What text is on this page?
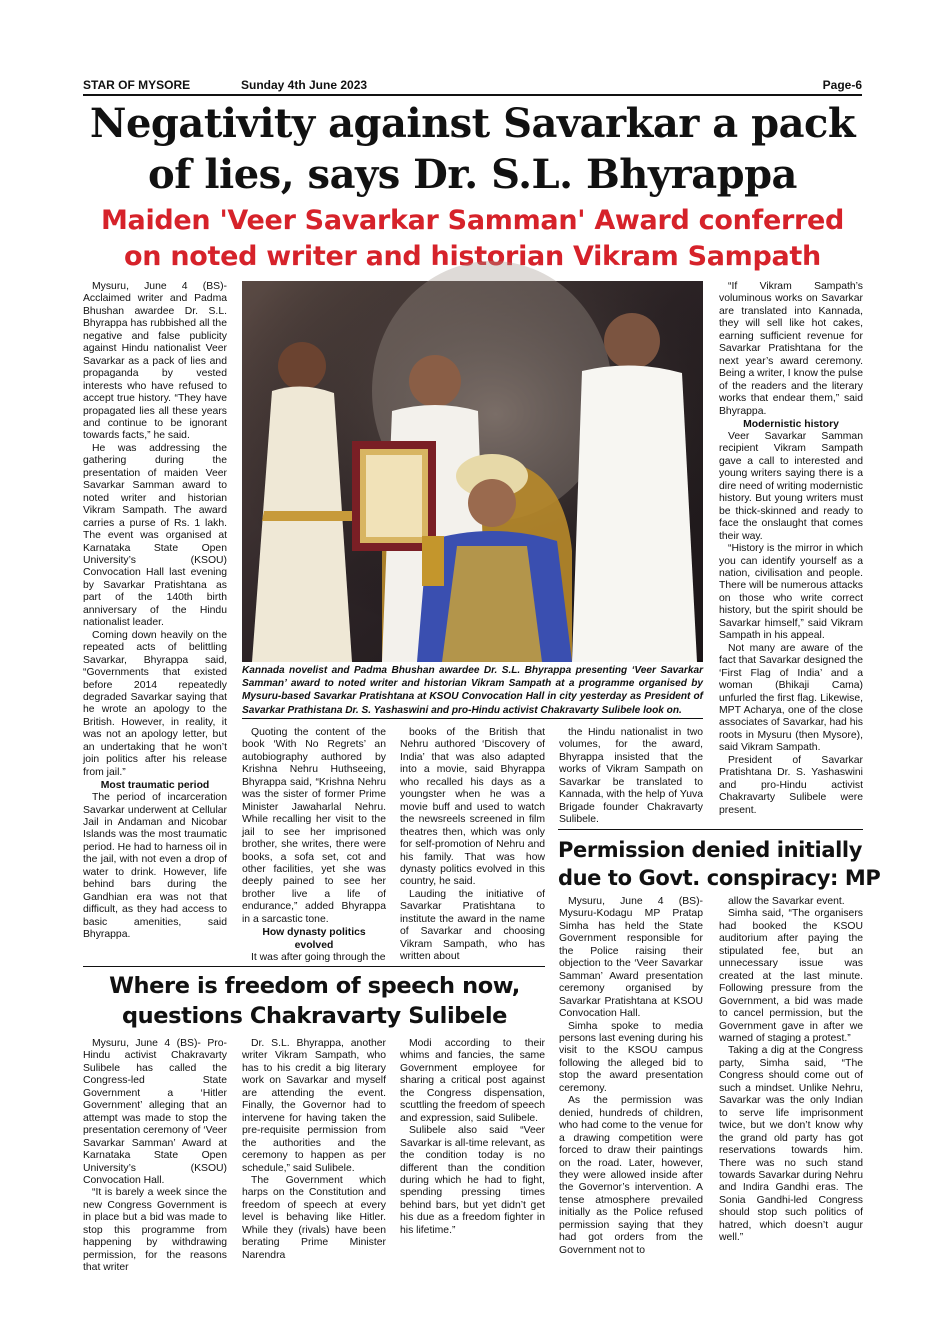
STAR OF MYSORE	Sunday 4th June 2023	Page-6
Negativity against Savarkar a pack
of lies, says Dr. S.L. Bhyrappa
Maiden 'Veer Savarkar Samman' Award conferred
on noted writer and historian Vikram Sampath

Mysuru, June 4 (BS)- Acclaimed writer and Padma Bhushan awardee Dr. S.L. Bhyrappa has rubbished all the negative and false publicity against Hindu nationalist Veer Savarkar as a pack of lies and propaganda by vested interests who have refused to accept true history. “They have propagated lies all these years and continue to be ignorant towards facts,” he said.

He was addressing the gathering during the presentation of maiden Veer Savarkar Samman award to noted writer and historian Vikram Sampath. The award carries a purse of Rs. 1 lakh. The event was organised at Karnataka State Open University’s (KSOU) Convocation Hall last evening by Savarkar Pratishtana as part of the 140th birth anniversary of the Hindu nationalist leader.

Coming down heavily on the repeated acts of belittling Savarkar, Bhyrappa said, “Governments that existed before 2014 repeatedly degraded Savarkar saying that he wrote an apology to the British. However, in reality, it was not an apology letter, but an undertaking that he won’t join politics after his release from jail.”

Most traumatic period

The period of incarceration Savarkar underwent at Cellular Jail in Andaman and Nicobar Islands was the most traumatic period. He had to harness oil in the jail, with not even a drop of water to drink. However, life behind bars during the Gandhian era was not that difficult, as they had access to basic amenities, said Bhyrappa.

Kannada novelist and Padma Bhushan awardee Dr. S.L. Bhyrappa presenting ‘Veer Savarkar Samman’ award to noted writer and historian Vikram Sampath at a programme organised by Mysuru-based Savarkar Pratishtana at KSOU Convocation Hall in city yesterday as President of Savarkar Prathistana Dr. S. Yashaswini and pro-Hindu activist Chakravarty Sulibele look on.

“If Vikram Sampath’s voluminous works on Savarkar are translated into Kannada, they will sell like hot cakes, earning sufficient revenue for Savarkar Pratishtana for the next year’s award ceremony. Being a writer, I know the pulse of the readers and the literary works that endear them,” said Bhyrappa.

Modernistic history

Veer Savarkar Samman recipient Vikram Sampath gave a call to interested and young writers saying there is a dire need of writing modernistic history. But young writers must be thick-skinned and ready to face the onslaught that comes their way.

“History is the mirror in which you can identify yourself as a nation, civilisation and people. There will be numerous attacks on those who write correct history, but the spirit should be Savarkar himself,” said Vikram Sampath in his appeal.

Not many are aware of the fact that Savarkar designed the ‘First Flag of India’ and a woman (Bhikaji Cama) unfurled the first flag. Likewise, MPT Acharya, one of the close associates of Savarkar, had his roots in Mysuru (then Mysore), said Vikram Sampath.

President of Savarkar Pratishtana Dr. S. Yashaswini and pro-Hindu activist Chakravarty Sulibele were present.

Quoting the content of the book ‘With No Regrets’ an autobiography authored by Krishna Nehru Huthseeing, Bhyrappa said, “Krishna Nehru was the sister of former Prime Minister Jawaharlal Nehru. While recalling her visit to the jail to see her imprisoned brother, she writes, there were books, a sofa set, cot and other facilities, yet she was deeply pained to see her brother live a life of endurance,” added Bhyrappa in a sarcastic tone.

How dynasty politics evolved

It was after going through the

books of the British that Nehru authored ‘Discovery of India’ that was also adapted into a movie, said Bhyrappa who recalled his days as a youngster when he was a movie buff and used to watch the newsreels screened in film theatres then, which was only for self-promotion of Nehru and his family. That was how dynasty politics evolved in this country, he said.

Lauding the initiative of Savarkar Pratishtana to institute the award in the name of Savarkar and choosing Vikram Sampath, who has written about

the Hindu nationalist in two volumes, for the award, Bhyrappa insisted that the works of Vikram Sampath on Savarkar be translated to Kannada, with the help of Yuva Brigade founder Chakravarty Sulibele.

Permission denied initially
due to Govt. conspiracy: MP

Mysuru, June 4 (BS)- Mysuru-Kodagu MP Pratap Simha has held the State Government responsible for the Police raising their objection to the ‘Veer Savarkar Samman’ Award presentation ceremony organised by Savarkar Pratishtana at KSOU Convocation Hall.

Simha spoke to media persons last evening during his visit to the KSOU campus following the alleged bid to stop the award presentation ceremony.

As the permission was denied, hundreds of children, who had come to the venue for a drawing competition were forced to draw their paintings on the road. Later, however, they were allowed inside after the Governor’s intervention. A tense atmosphere prevailed initially as the Police refused permission saying that they had got orders from the Government not to

allow the Savarkar event.

Simha said, “The organisers had booked the KSOU auditorium after paying the stipulated fee, but an unnecessary issue was created at the last minute. Following pressure from the Government, a bid was made to cancel permission, but the Government gave in after we warned of staging a protest.”

Taking a dig at the Congress party, Simha said, “The Congress should come out of such a mindset. Unlike Nehru, Savarkar was the only Indian to serve life imprisonment twice, but we don’t know why the grand old party has got reservations towards him. There was no such stand towards Savarkar during Nehru and Indira Gandhi eras. The Sonia Gandhi-led Congress should stop such politics of hatred, which doesn’t augur well.”

Where is freedom of speech now,
questions Chakravarty Sulibele

Mysuru, June 4 (BS)- Pro-Hindu activist Chakravarty Sulibele has called the Congress-led State Government a ‘Hitler Government’ alleging that an attempt was made to stop the presentation ceremony of ‘Veer Savarkar Samman’ Award at Karnataka State Open University’s (KSOU) Convocation Hall.

“It is barely a week since the new Congress Government is in place but a bid was made to stop this programme from happening by withdrawing permission, for the reasons that writer

Dr. S.L. Bhyrappa, another writer Vikram Sampath, who has to his credit a big literary work on Savarkar and myself are attending the event. Finally, the Governor had to intervene for having taken the pre-requisite permission from the authorities and the ceremony to happen as per schedule,” said Sulibele.

The Government which harps on the Constitution and freedom of speech at every level is behaving like Hitler. While they (rivals) have been berating Prime Minister Narendra

Modi according to their whims and fancies, the same Government employee for sharing a critical post against the Congress dispensation, scuttling the freedom of speech and expression, said Sulibele.

Sulibele also said “Veer Savarkar is all-time relevant, as the condition today is no different than the condition during which he had to fight, spending pressing times behind bars, but yet didn’t get his due as a freedom fighter in his lifetime.”
